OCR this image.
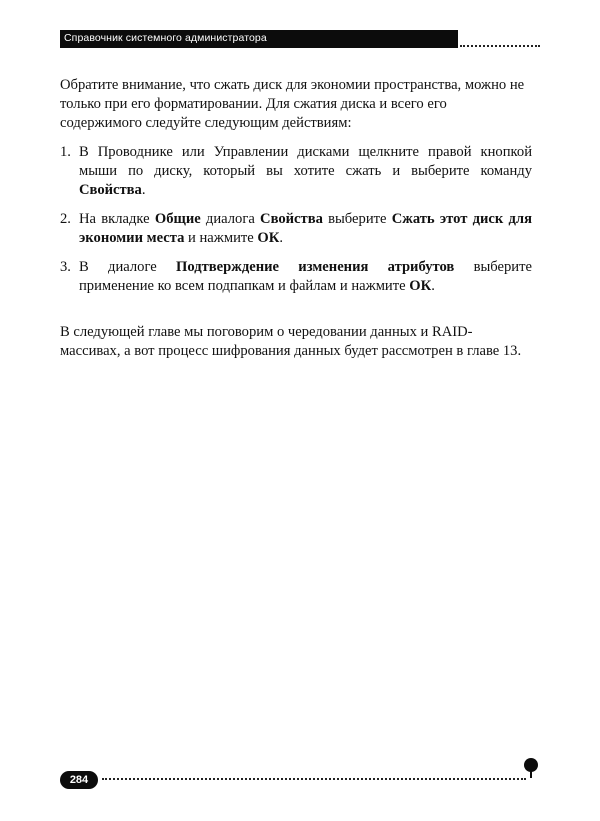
Справочник системного администратора

Обратите внимание, что сжать диск для экономии пространства, можно не только при его форматировании. Для сжатия диска и всего его содержимого следуйте следующим действиям:

1. В Проводнике или Управлении дисками щелкните правой кнопкой мыши по диску, который вы хотите сжать и выберите команду Свойства.
2. На вкладке Общие диалога Свойства выберите Сжать этот диск для экономии места и нажмите ОК.
3. В диалоге Подтверждение изменения атрибутов выберите применение ко всем подпапкам и файлам и нажмите ОК.

В следующей главе мы поговорим о чередовании данных и RAID-массивах, а вот процесс шифрования данных будет рассмотрен в главе 13.

284
